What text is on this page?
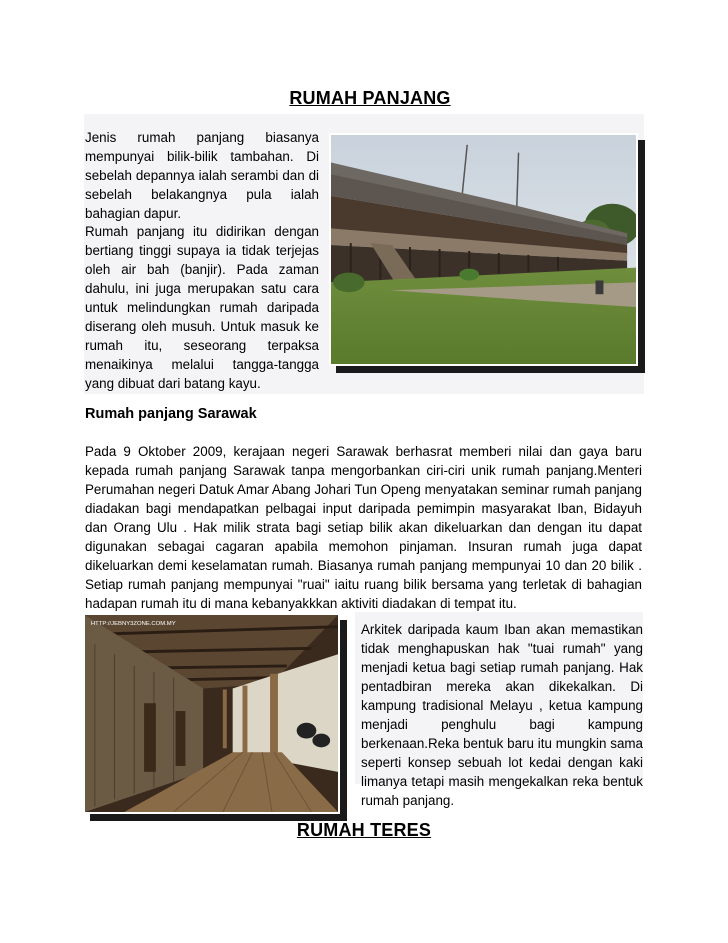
RUMAH PANJANG

Jenis rumah panjang biasanya mempunyai bilik-bilik tambahan. Di sebelah depannya ialah serambi dan di sebelah belakangnya pula ialah bahagian dapur.

Rumah panjang itu didirikan dengan bertiang tinggi supaya ia tidak terjejas oleh air bah (banjir). Pada zaman dahulu, ini juga merupakan satu cara untuk melindungkan rumah daripada diserang oleh musuh. Untuk masuk ke rumah itu, seseorang terpaksa menaikinya melalui tangga-tangga yang dibuat dari batang kayu.

Rumah panjang Sarawak

Pada 9 Oktober 2009, kerajaan negeri Sarawak berhasrat memberi nilai dan gaya baru kepada rumah panjang Sarawak tanpa mengorbankan ciri-ciri unik rumah panjang.Menteri Perumahan negeri Datuk Amar Abang Johari Tun Openg menyatakan seminar rumah panjang diadakan bagi mendapatkan pelbagai input daripada pemimpin masyarakat Iban, Bidayuh dan Orang Ulu . Hak milik strata bagi setiap bilik akan dikeluarkan dan dengan itu dapat digunakan sebagai cagaran apabila memohon pinjaman. Insuran rumah juga dapat dikeluarkan demi keselamatan rumah. Biasanya rumah panjang mempunyai 10 dan 20 bilik . Setiap rumah panjang mempunyai "ruai" iaitu ruang bilik bersama yang terletak di bahagian hadapan rumah itu di mana kebanyakkkan aktiviti diadakan di tempat itu.

HTTP://JEBNY3ZONE.COM.MY	Arkitek daripada kaum Iban akan memastikan tidak menghapuskan hak "tuai rumah" yang menjadi ketua bagi setiap rumah panjang. Hak pentadbiran mereka akan dikekalkan. Di kampung tradisional Melayu , ketua kampung menjadi penghulu bagi kampung berkenaan.Reka bentuk baru itu mungkin sama seperti konsep sebuah lot kedai dengan kaki limanya tetapi masih mengekalkan reka bentuk rumah panjang.

RUMAH TERES
